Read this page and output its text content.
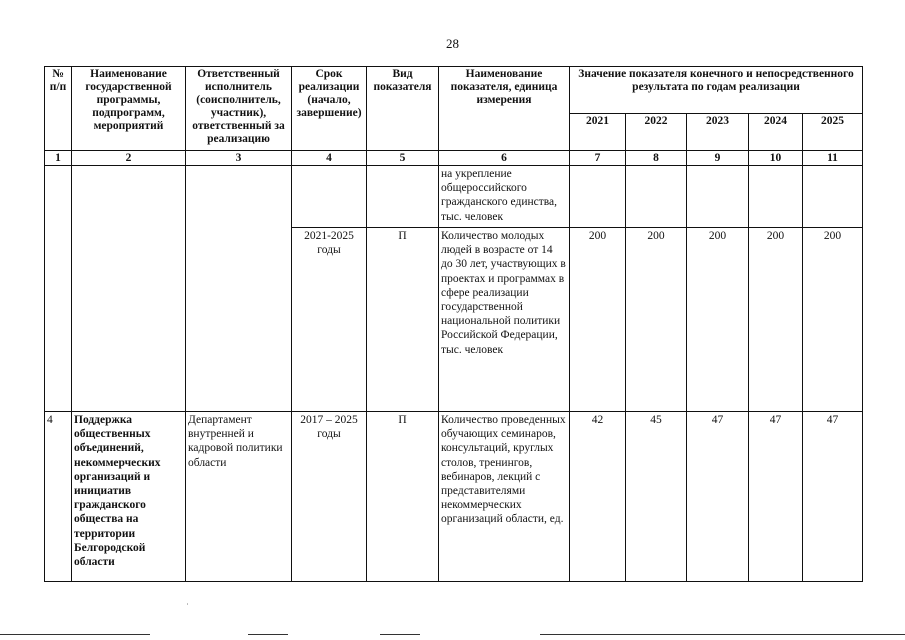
28
№ п/п	Наименование государственной программы, подпрограмм, мероприятий	Ответственный исполнитель (соисполнитель, участник), ответственный за реализацию	Срок реализации (начало, завершение)	Вид показателя	Наименование показателя, единица измерения	Значение показателя конечного и непосредственного результата по годам реализации				
						2021	2022	2023	2024	2025
1	2	3	4	5	6	7	8	9	10	11
					на укрепление общероссийского гражданского единства, тыс. человек					
			2021-2025 годы	П	Количество молодых людей в возрасте от 14 до 30 лет, участвующих в проектах и программах в сфере реализации государственной национальной политики Российской Федерации, тыс. человек	200	200	200	200	200
4	Поддержка общественных объединений, некоммерческих организаций и инициатив гражданского общества на территории Белгородской области	Департамент внутренней и кадровой политики области	2017 – 2025 годы	П	Количество проведенных обучающих семинаров, консультаций, круглых столов, тренингов, вебинаров, лекций с представителями некоммерческих организаций области, ед.	42	45	47	47	47
˙
